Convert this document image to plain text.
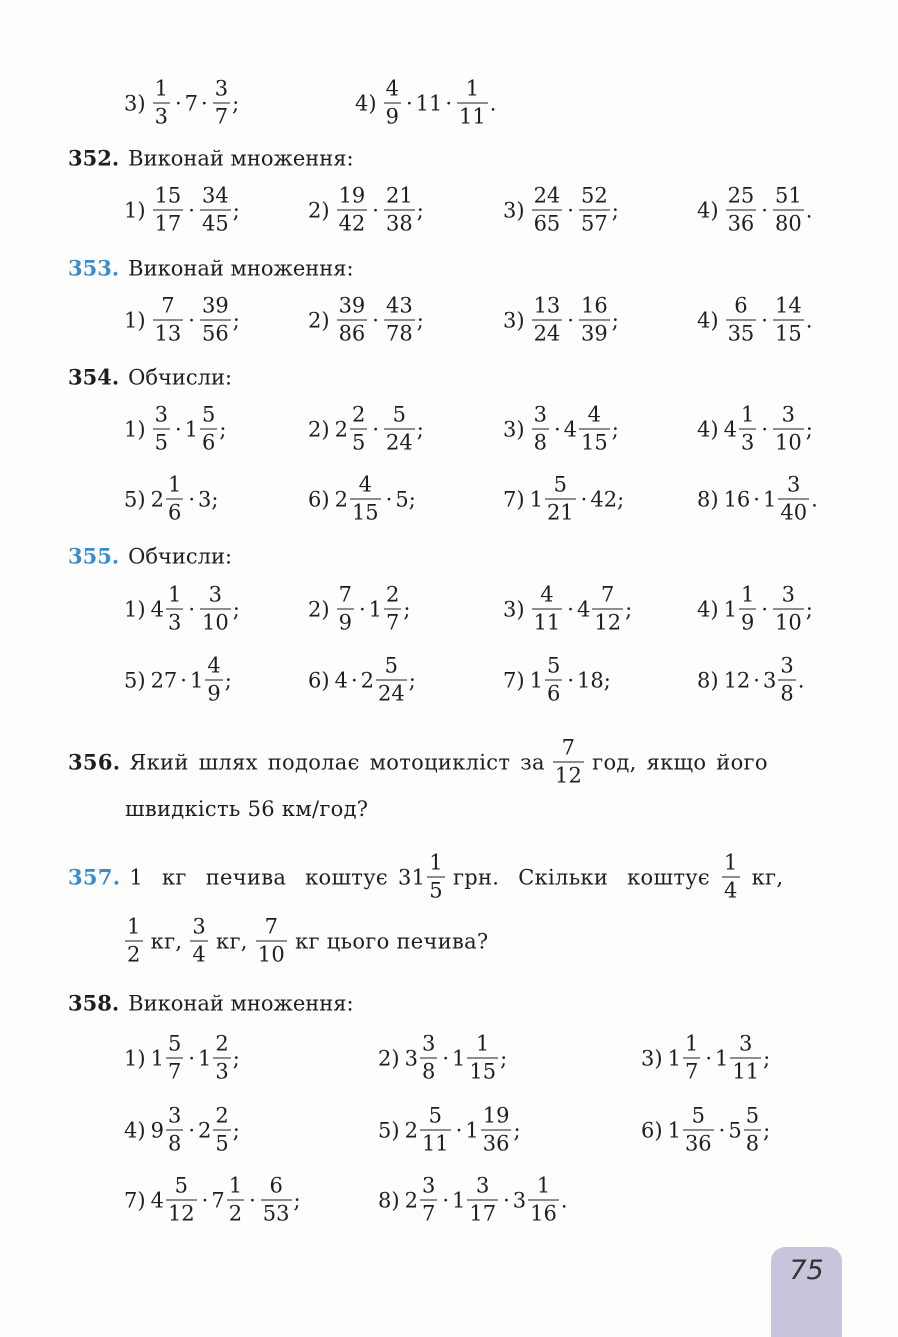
$3) \frac{1}{3} \cdot 7 \cdot \frac{3}{7}$ ;	$4) \frac{4}{9} \cdot 11 \cdot \frac{1}{11}$ .
352. Виконай множення:
$1) \frac{15}{17} \cdot \frac{34}{45}$ ;	$2) \frac{19}{42} \cdot \frac{21}{38}$ ;	$3) \frac{24}{65} \cdot \frac{52}{57}$ ;	$4) \frac{25}{36} \cdot \frac{51}{80}$ .
353. Виконай множення:
$1) \frac{7}{13} \cdot \frac{39}{56}$ ;	$2) \frac{39}{86} \cdot \frac{43}{78}$ ;	$3) \frac{13}{24} \cdot \frac{16}{39}$ ;	$4) \frac{6}{35} \cdot \frac{14}{15}$ .
354. Обчисли:
$1) \frac{3}{5} \cdot 1 \frac{5}{6}$ ;	2) $2 \frac{2}{5} \cdot \frac{5}{24}$ ;	$3) \frac{3}{8} \cdot 4 \frac{4}{15}$ ;	4) $4 \frac{1}{3} \cdot \frac{3}{10}$ ;
5) $2 \frac{1}{6} \cdot 3$ ;	6) $2 \frac{4}{15} \cdot 5$ ;	7) $1 \frac{5}{21} \cdot 42$ ;	8) $16 \cdot 1 \frac{3}{40}$ .
355. Обчисли:
1) $4 \frac{1}{3} \cdot \frac{3}{10}$ ;	$2) \frac{7}{9} \cdot 1 \frac{2}{7}$ ;	$3) \frac{4}{11} \cdot 4 \frac{7}{12}$ ;	4) $1 \frac{1}{9} \cdot \frac{3}{10}$ ;
5) $27 \cdot 1 \frac{4}{9}$ ;	6) $4 \cdot 2 \frac{5}{24}$ ;	7) $1 \frac{5}{6} \cdot 18$ ;	8) $12 \cdot 3 \frac{3}{8}$ .
356. Який шлях подолає мотоцикліст за $\frac{7}{12}$ год, якщо його
швидкість 56 км/год?
357. 1 кг печива коштує $31 \frac{1}{5}$ грн. Скільки коштує $\frac{1}{4}$ кг,
$\frac{1}{2}$ кг, $\frac{3}{4}$ кг, $\frac{7}{10}$ кг цього печива?
358. Виконай множення:
1) $1 \frac{5}{7} \cdot 1 \frac{2}{3}$ ;	2) $3 \frac{3}{8} \cdot 1 \frac{1}{15}$ ;	3) $1 \frac{1}{7} \cdot 1 \frac{3}{11}$ ;
4) $9 \frac{3}{8} \cdot 2 \frac{2}{5}$ ;	5) $2 \frac{5}{11} \cdot 1 \frac{19}{36}$ ;	6) $1 \frac{5}{36} \cdot 5 \frac{5}{8}$ ;
7) $4 \frac{5}{12} \cdot 7 \frac{1}{2} \cdot \frac{6}{53}$ ;	8) $2 \frac{3}{7} \cdot 1 \frac{3}{17} \cdot 3 \frac{1}{16}$ .
75
